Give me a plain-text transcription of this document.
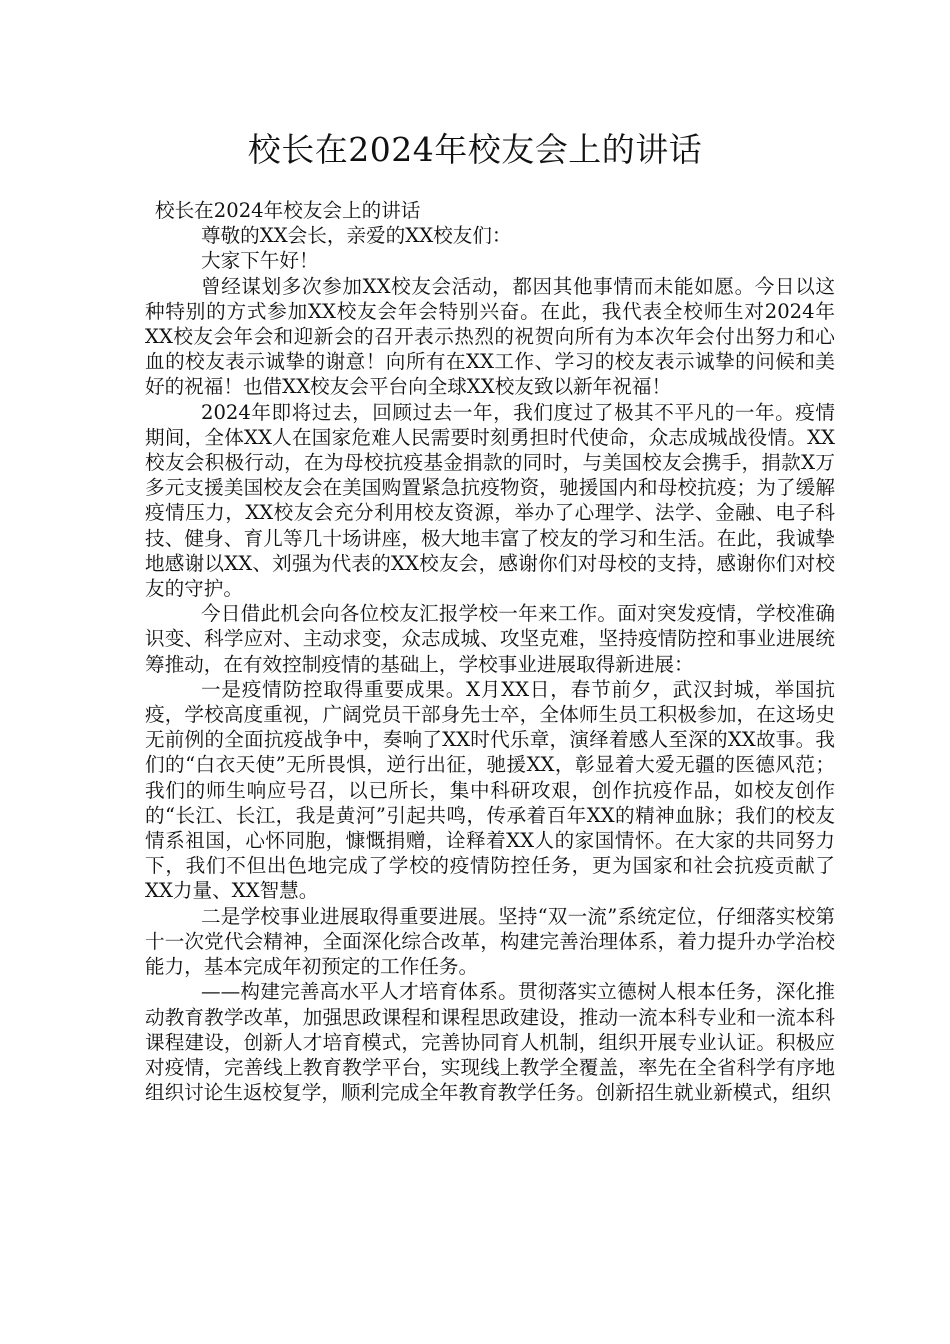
校长在2024年校友会上的讲话

校长在2024年校友会上的讲话

尊敬的XX会长，亲爱的XX校友们：

大家下午好！

曾经谋划多次参加XX校友会活动，都因其他事情而未能如愿。今日以这种特别的方式参加XX校友会年会特别兴奋。在此，我代表全校师生对2024年XX校友会年会和迎新会的召开表示热烈的祝贺向所有为本次年会付出努力和心血的校友表示诚挚的谢意！向所有在XX工作、学习的校友表示诚挚的问候和美好的祝福！也借XX校友会平台向全球XX校友致以新年祝福！

2024年即将过去，回顾过去一年，我们度过了极其不平凡的一年。疫情期间，全体XX人在国家危难人民需要时刻勇担时代使命，众志成城战役情。XX校友会积极行动，在为母校抗疫基金捐款的同时，与美国校友会携手，捐款X万多元支援美国校友会在美国购置紧急抗疫物资，驰援国内和母校抗疫；为了缓解疫情压力，XX校友会充分利用校友资源，举办了心理学、法学、金融、电子科技、健身、育儿等几十场讲座，极大地丰富了校友的学习和生活。在此，我诚挚地感谢以XX、刘强为代表的XX校友会，感谢你们对母校的支持，感谢你们对校友的守护。

今日借此机会向各位校友汇报学校一年来工作。面对突发疫情，学校准确识变、科学应对、主动求变，众志成城、攻坚克难，坚持疫情防控和事业进展统筹推动，在有效控制疫情的基础上，学校事业进展取得新进展：

一是疫情防控取得重要成果。X月XX日，春节前夕，武汉封城，举国抗疫，学校高度重视，广阔党员干部身先士卒，全体师生员工积极参加，在这场史无前例的全面抗疫战争中，奏响了XX时代乐章，演绎着感人至深的XX故事。我们的“白衣天使”无所畏惧，逆行出征，驰援XX，彰显着大爱无疆的医德风范；我们的师生响应号召，以已所长，集中科研攻艰，创作抗疫作品，如校友创作的“长江、长江，我是黄河”引起共鸣，传承着百年XX的精神血脉；我们的校友情系祖国，心怀同胞，慷慨捐赠，诠释着XX人的家国情怀。在大家的共同努力下，我们不但出色地完成了学校的疫情防控任务，更为国家和社会抗疫贡献了XX力量、XX智慧。

二是学校事业进展取得重要进展。坚持“双一流”系统定位，仔细落实校第十一次党代会精神，全面深化综合改革，构建完善治理体系，着力提升办学治校能力，基本完成年初预定的工作任务。

——构建完善高水平人才培育体系。贯彻落实立德树人根本任务，深化推动教育教学改革，加强思政课程和课程思政建设，推动一流本科专业和一流本科课程建设，创新人才培育模式，完善协同育人机制，组织开展专业认证。积极应对疫情，完善线上教育教学平台，实现线上教学全覆盖，率先在全省科学有序地组织讨论生返校复学，顺利完成全年教育教学任务。创新招生就业新模式，组织
